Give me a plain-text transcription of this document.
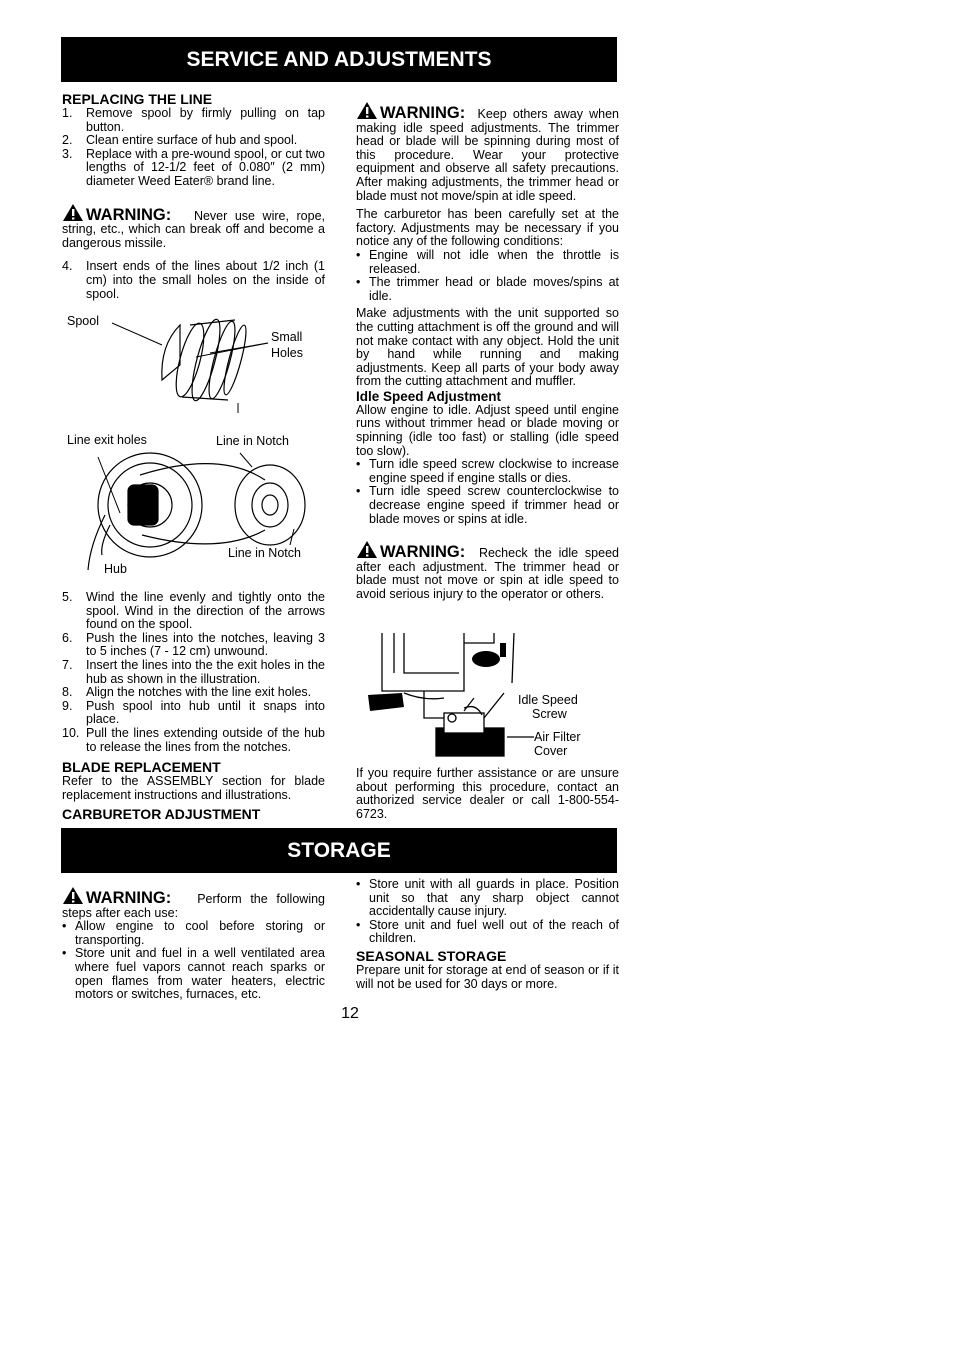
SERVICE AND ADJUSTMENTS

REPLACING THE LINE

1. Remove spool by firmly pulling on tap button.
2. Clean entire surface of hub and spool.
3. Replace with a pre-wound spool, or cut two lengths of 12-1/2 feet of 0.080″ (2 mm) diameter Weed Eater® brand line.

WARNING: Never use wire, rope, string, etc., which can break off and become a dangerous missile.

4. Insert ends of the lines about 1/2 inch (1 cm) into the small holes on the inside of spool.
Spool
Small
Holes
Line exit holes	Line in Notch
Line in Notch
Hub
5. Wind the line evenly and tightly onto the spool. Wind in the direction of the arrows found on the spool.
6. Push the lines into the notches, leaving 3 to 5 inches (7 - 12 cm) unwound.
7. Insert the lines into the the exit holes in the hub as shown in the illustration.
8. Align the notches with the line exit holes.
9. Push spool into hub until it snaps into place.
10. Pull the lines extending outside of the hub to release the lines from the notches.

BLADE REPLACEMENT

Refer to the ASSEMBLY section for blade replacement instructions and illustrations.

CARBURETOR ADJUSTMENT

WARNING: Keep others away when making idle speed adjustments. The trimmer head or blade will be spinning during most of this procedure. Wear your protective equipment and observe all safety precautions. After making adjustments, the trimmer head or blade must not move/spin at idle speed.

The carburetor has been carefully set at the factory. Adjustments may be necessary if you notice any of the following conditions:

• Engine will not idle when the throttle is released.
• The trimmer head or blade moves/spins at idle.

Make adjustments with the unit supported so the cutting attachment is off the ground and will not make contact with any object. Hold the unit by hand while running and making adjustments. Keep all parts of your body away from the cutting attachment and muffler.

Idle Speed Adjustment

Allow engine to idle. Adjust speed until engine runs without trimmer head or blade moving or spinning (idle too fast) or stalling (idle speed too slow).

• Turn idle speed screw clockwise to increase engine speed if engine stalls or dies.
• Turn idle speed screw counterclockwise to decrease engine speed if trimmer head or blade moves or spins at idle.

WARNING: Recheck the idle speed after each adjustment. The trimmer head or blade must not move or spin at idle speed to avoid serious injury to the operator or others.

Idle Speed
Screw
Air Filter
Cover

If you require further assistance or are unsure about performing this procedure, contact an authorized service dealer or call 1-800-554-6723.

STORAGE

WARNING: Perform the following steps after each use:

• Allow engine to cool before storing or transporting.
• Store unit and fuel in a well ventilated area where fuel vapors cannot reach sparks or open flames from water heaters, electric motors or switches, furnaces, etc.
• Store unit with all guards in place. Position unit so that any sharp object cannot accidentally cause injury.
• Store unit and fuel well out of the reach of children.

SEASONAL STORAGE

Prepare unit for storage at end of season or if it will not be used for 30 days or more.

12
